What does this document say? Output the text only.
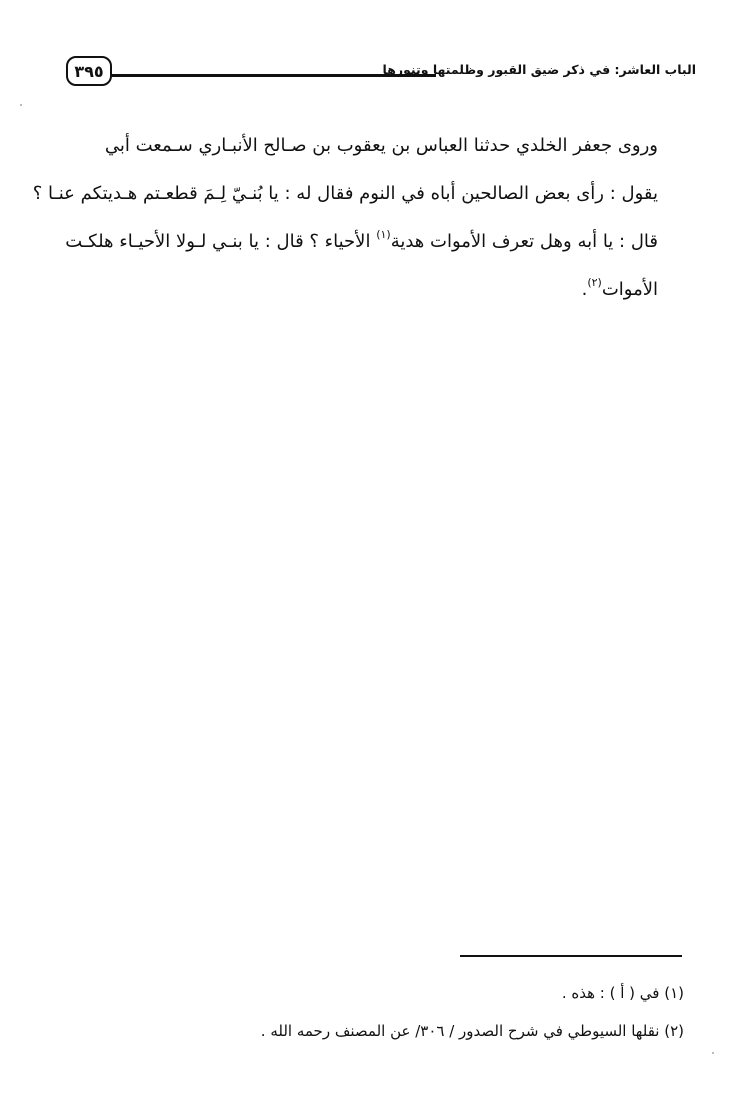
الباب العاشر: في ذكر ضيق القبور وظلمتها وتنورها
٣٩٥
وروى جعفر الخلدي حدثنا العباس بن يعقوب بن صـالح الأنبـاري سـمعت أبي
يقول : رأى بعض الصالحين أباه في النوم فقال له : يا بُنـيّ لِـمَ قطعـتم هـديتكم عنـا ؟
قال : يا أبه وهل تعرف الأموات هدية$^{(١)}$ الأحياء ؟ قال : يا بنـي لـولا الأحيـاء هلكـت
الأموات$^{(٢)}$.
(١) في ( أ ) : هذه .
(٢) نقلها السيوطي في شرح الصدور / ٣٠٦/ عن المصنف رحمه الله .
